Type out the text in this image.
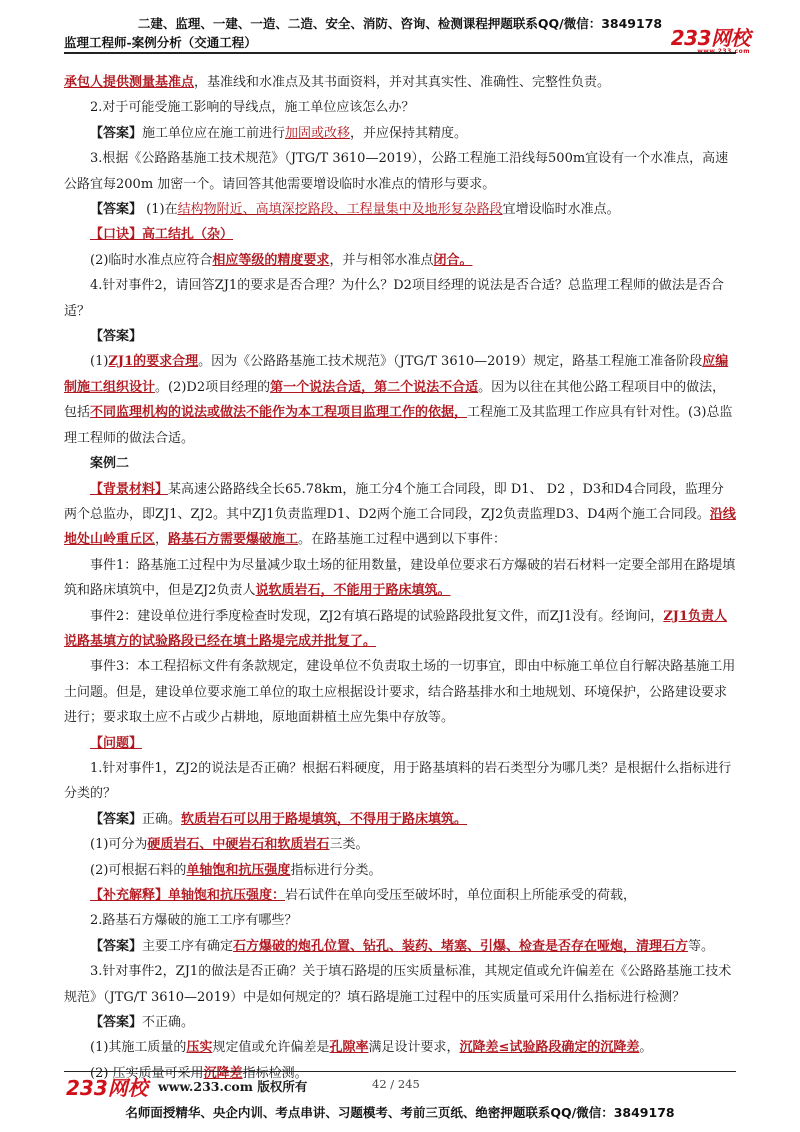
二建、监理、一建、一造、二造、安全、消防、咨询、检测课程押题联系QQ/微信：3849178
监理工程师-案例分析（交通工程）	233网校
www.233.com

承包人提供测量基准点，基准线和水准点及其书面资料，并对其真实性、准确性、完整性负责。

2.对于可能受施工影响的导线点，施工单位应该怎么办？

【答案】施工单位应在施工前进行加固或改移，并应保持其精度。

3.根据《公路路基施工技术规范》（JTG/T 3610—2019），公路工程施工沿线每500m宜设有一个水准点，高速公路宜每200m 加密一个。请回答其他需要增设临时水准点的情形与要求。

【答案】 (1)在结构物附近、高填深挖路段、工程量集中及地形复杂路段宜增设临时水准点。

【口诀】高工结扎（杂）

(2)临时水准点应符合相应等级的精度要求，并与相邻水准点闭合。

4.针对事件2，请回答ZJ1的要求是否合理？为什么？D2项目经理的说法是否合适？总监理工程师的做法是否合适？

【答案】

(1)ZJ1的要求合理。因为《公路路基施工技术规范》（JTG/T 3610—2019）规定，路基工程施工准备阶段应编制施工组织设计。(2)D2项目经理的第一个说法合适，第二个说法不合适。因为以往在其他公路工程项目中的做法，包括不同监理机构的说法或做法不能作为本工程项目监理工作的依据，工程施工及其监理工作应具有针对性。(3)总监理工程师的做法合适。

案例二

【背景材料】某高速公路路线全长65.78km，施工分4个施工合同段，即 D1、 D2 ，D3和D4合同段，监理分两个总监办，即ZJ1、ZJ2。其中ZJ1负责监理D1、D2两个施工合同段，ZJ2负责监理D3、D4两个施工合同段。沿线地处山岭重丘区，路基石方需要爆破施工。在路基施工过程中遇到以下事件：

事件1：路基施工过程中为尽量减少取土场的征用数量，建设单位要求石方爆破的岩石材料一定要全部用在路堤填筑和路床填筑中，但是ZJ2负责人说软质岩石，不能用于路床填筑。

事件2：建设单位进行季度检查时发现，ZJ2有填石路堤的试验路段批复文件，而ZJ1没有。经询问，ZJ1负责人说路基填方的试验路段已经在填土路堤完成并批复了。

事件3：本工程招标文件有条款规定，建设单位不负责取土场的一切事宜，即由中标施工单位自行解决路基施工用土问题。但是，建设单位要求施工单位的取土应根据设计要求，结合路基排水和土地规划、环境保护，公路建设要求进行；要求取土应不占或少占耕地，原地面耕植土应先集中存放等。

【问题】

1.针对事件1，ZJ2的说法是否正确？根据石料硬度，用于路基填料的岩石类型分为哪几类？是根据什么指标进行分类的？

【答案】正确。软质岩石可以用于路堤填筑，不得用于路床填筑。

(1)可分为硬质岩石、中硬岩石和软质岩石三类。

(2)可根据石料的单轴饱和抗压强度指标进行分类。

【补充解释】单轴饱和抗压强度：岩石试件在单向受压至破坏时，单位面积上所能承受的荷载，

2.路基石方爆破的施工工序有哪些？

【答案】主要工序有确定石方爆破的炮孔位置、钻孔、装药、堵塞、引爆、检查是否存在哑炮，清理石方等。

3.针对事件2，ZJ1的做法是否正确？关于填石路堤的压实质量标准，其规定值或允许偏差在《公路路基施工技术规范》（JTG/T 3610—2019）中是如何规定的？填石路堤施工过程中的压实质量可采用什么指标进行检测？

【答案】不正确。

(1)其施工质量的压实规定值或允许偏差是孔隙率满足设计要求，沉降差≤试验路段确定的沉降差。

(2) 压实质量可采用沉降差指标检测。

233网校 www.233.com 版权所有	42 / 245
名师面授精华、央企内训、考点串讲、习题模考、考前三页纸、绝密押题联系QQ/微信：3849178
